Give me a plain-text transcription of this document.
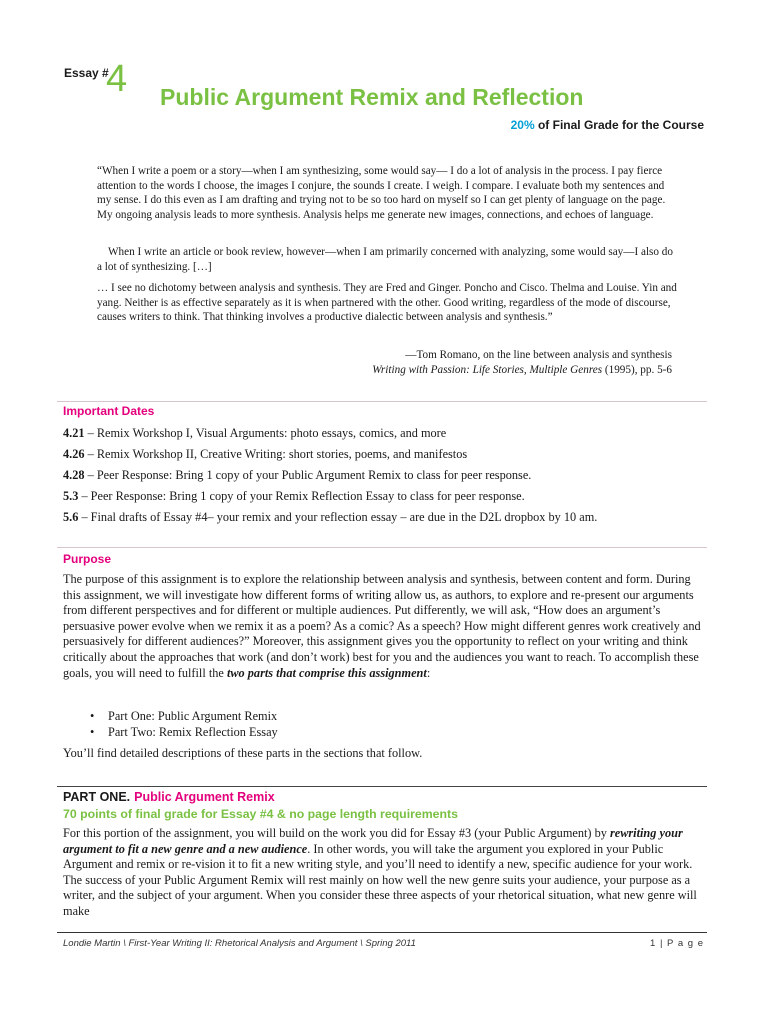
Essay #
4 Public Argument Remix and Reflection
20% of Final Grade for the Course

“When I write a poem or a story—when I am synthesizing, some would say— I do a lot of analysis in the process. I pay fierce attention to the words I choose, the images I conjure, the sounds I create. I weigh. I compare. I evaluate both my sentences and my sense. I do this even as I am drafting and trying not to be so too hard on myself so I can get plenty of language on the page. My ongoing analysis leads to more synthesis. Analysis helps me generate new images, connections, and echoes of language.

When I write an article or book review, however—when I am primarily concerned with analyzing, some would say—I also do a lot of synthesizing. […]

… I see no dichotomy between analysis and synthesis. They are Fred and Ginger. Poncho and Cisco. Thelma and Louise. Yin and yang. Neither is as effective separately as it is when partnered with the other. Good writing, regardless of the mode of discourse, causes writers to think. That thinking involves a productive dialectic between analysis and synthesis.”

—Tom Romano, on the line between analysis and synthesis
Writing with Passion: Life Stories, Multiple Genres (1995), pp. 5-6
Important Dates
4.21 – Remix Workshop I, Visual Arguments: photo essays, comics, and more
4.26 – Remix Workshop II, Creative Writing: short stories, poems, and manifestos
4.28 – Peer Response: Bring 1 copy of your Public Argument Remix to class for peer response.
5.3 – Peer Response: Bring 1 copy of your Remix Reflection Essay to class for peer response.
5.6 – Final drafts of Essay #4– your remix and your reflection essay – are due in the D2L dropbox by 10 am.
Purpose

The purpose of this assignment is to explore the relationship between analysis and synthesis, between content and form. During this assignment, we will investigate how different forms of writing allow us, as authors, to explore and re-present our arguments from different perspectives and for different or multiple audiences. Put differently, we will ask, “How does an argument’s persuasive power evolve when we remix it as a poem? As a comic? As a speech? How might different genres work creatively and persuasively for different audiences?” Moreover, this assignment gives you the opportunity to reflect on your writing and think critically about the approaches that work (and don’t work) best for you and the audiences you want to reach. To accomplish these goals, you will need to fulfill the two parts that comprise this assignment:

• Part One: Public Argument Remix
• Part Two: Remix Reflection Essay
You’ll find detailed descriptions of these parts in the sections that follow.
PART ONE. Public Argument Remix
70 points of final grade for Essay #4 & no page length requirements

For this portion of the assignment, you will build on the work you did for Essay #3 (your Public Argument) by rewriting your argument to fit a new genre and a new audience. In other words, you will take the argument you explored in your Public Argument and remix or re-vision it to fit a new writing style, and you’ll need to identify a new, specific audience for your work. The success of your Public Argument Remix will rest mainly on how well the new genre suits your audience, your purpose as a writer, and the subject of your argument. When you consider these three aspects of your rhetorical situation, what new genre will make

Londie Martin \ First-Year Writing II: Rhetorical Analysis and Argument \ Spring 2011	1 | P a g e
